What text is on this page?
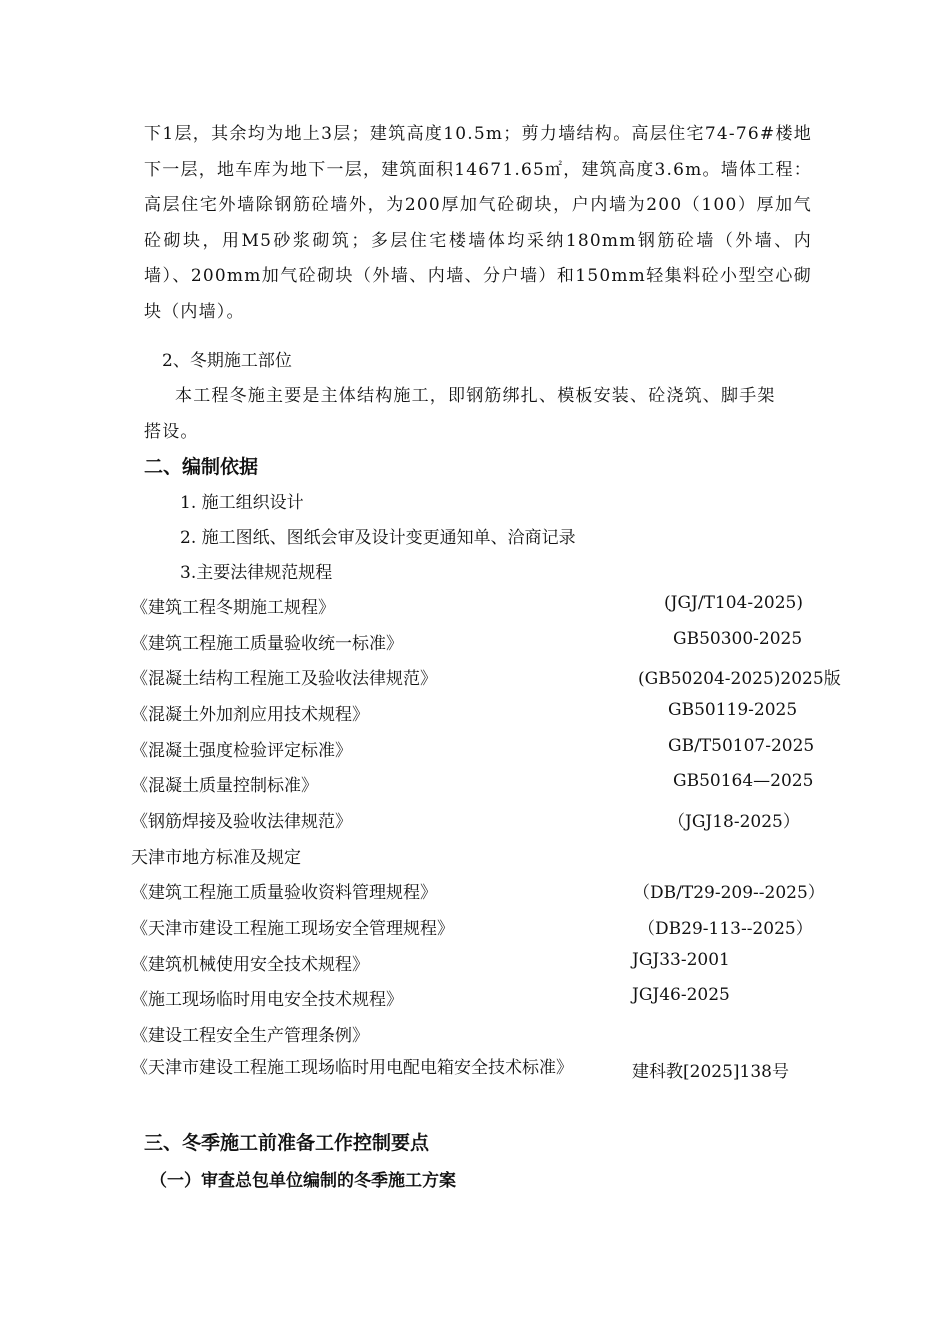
下1层，其余均为地上3层；建筑高度10.5m；剪力墙结构。高层住宅74-76#楼地下一层，地车库为地下一层，建筑面积14671.65㎡，建筑高度3.6m。墙体工程：高层住宅外墙除钢筋砼墙外，为200厚加气砼砌块，户内墙为200（100）厚加气砼砌块，用M5砂浆砌筑；多层住宅楼墙体均采纳180mm钢筋砼墙（外墙、内墙）、200mm加气砼砌块（外墙、内墙、分户墙）和150mm轻集料砼小型空心砌块（内墙）。

2、冬期施工部位

本工程冬施主要是主体结构施工，即钢筋绑扎、模板安装、砼浇筑、脚手架

搭设。

二、编制依据

1. 施工组织设计

2. 施工图纸、图纸会审及设计变更通知单、洽商记录

3.主要法律规范规程

《建筑工程冬期施工规程》	(JGJ/T104-2025)

《建筑工程施工质量验收统一标准》	GB50300-2025

《混凝土结构工程施工及验收法律规范》	(GB50204-2025)2025版

《混凝土外加剂应用技术规程》	GB50119-2025

《混凝土强度检验评定标准》	GB/T50107-2025

《混凝土质量控制标准》	GB50164—2025

《钢筋焊接及验收法律规范》	（JGJ18-2025）

天津市地方标准及规定

《建筑工程施工质量验收资料管理规程》	（DB/T29-209--2025）

《天津市建设工程施工现场安全管理规程》	（DB29-113--2025）

《建筑机械使用安全技术规程》	JGJ33-2001

《施工现场临时用电安全技术规程》	JGJ46-2025

《建设工程安全生产管理条例》

《天津市建设工程施工现场临时用电配电箱安全技术标准》	建科教[2025]138号

三、冬季施工前准备工作控制要点

（一）审查总包单位编制的冬季施工方案
